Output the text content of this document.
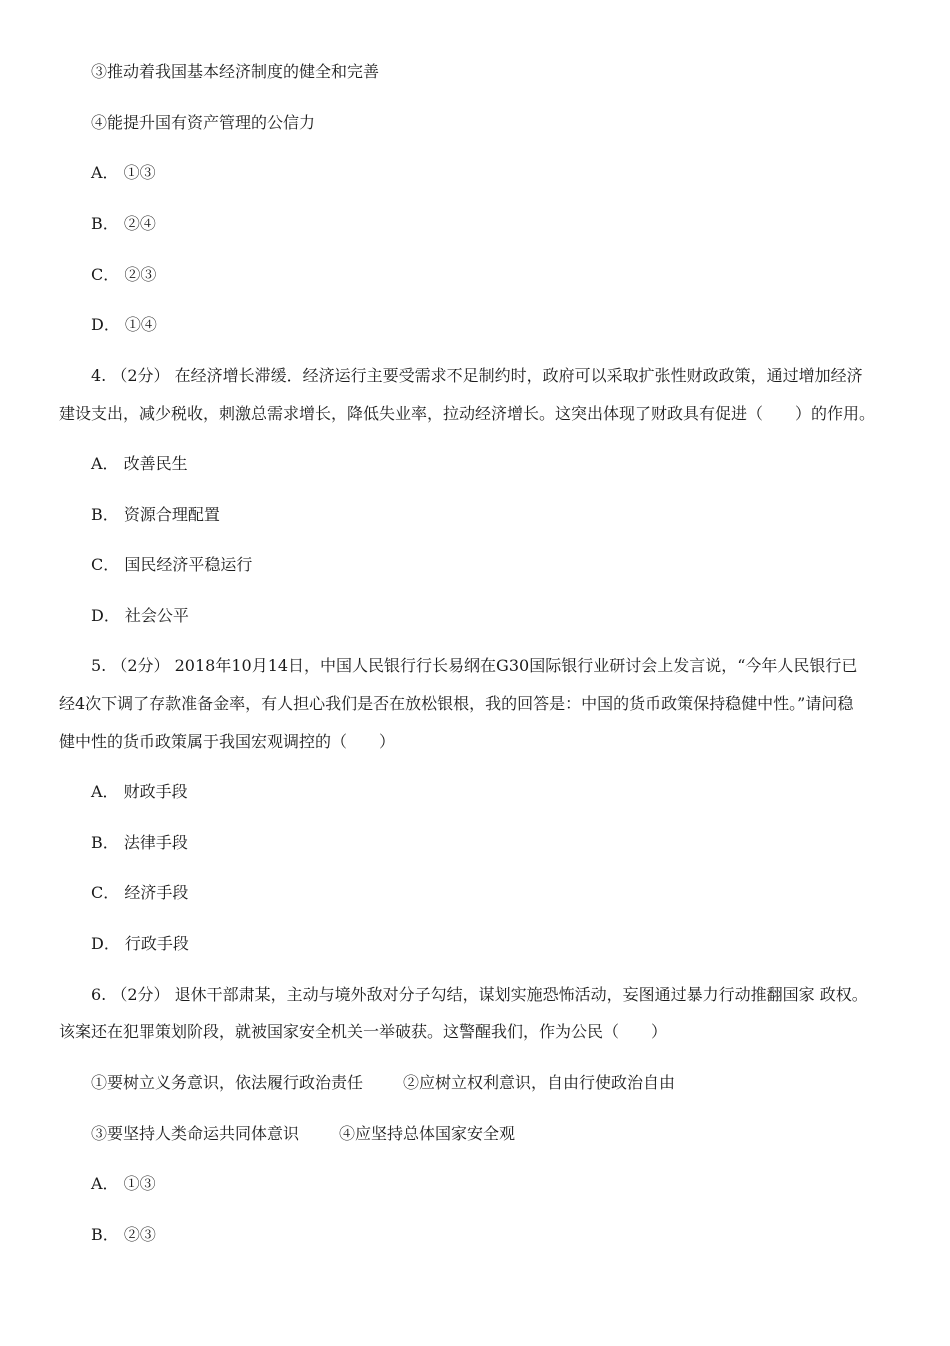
③推动着我国基本经济制度的健全和完善
④能提升国有资产管理的公信力
A． ①③
B． ②④
C． ②③
D． ①④
4. （2分） 在经济增长滞缓．经济运行主要受需求不足制约时，政府可以采取扩张性财政政策，通过增加经济
建设支出，减少税收，刺激总需求增长，降低失业率，拉动经济增长。这突出体现了财政具有促进（　　）的作用。
A． 改善民生
B． 资源合理配置
C． 国民经济平稳运行
D． 社会公平
5. （2分） 2018年10月14日，中国人民银行行长易纲在G30国际银行业研讨会上发言说，“今年人民银行已
经4次下调了存款准备金率，有人担心我们是否在放松银根，我的回答是：中国的货币政策保持稳健中性。”请问稳
健中性的货币政策属于我国宏观调控的（　　）
A． 财政手段
B． 法律手段
C． 经济手段
D． 行政手段
6. （2分） 退休干部肃某，主动与境外敌对分子勾结，谋划实施恐怖活动，妄图通过暴力行动推翻国家 政权。
该案还在犯罪策划阶段，就被国家安全机关一举破获。这警醒我们，作为公民（　　）
①要树立义务意识，依法履行政治责任	②应树立权利意识，自由行使政治自由
③要坚持人类命运共同体意识	④应坚持总体国家安全观
A． ①③
B． ②③
